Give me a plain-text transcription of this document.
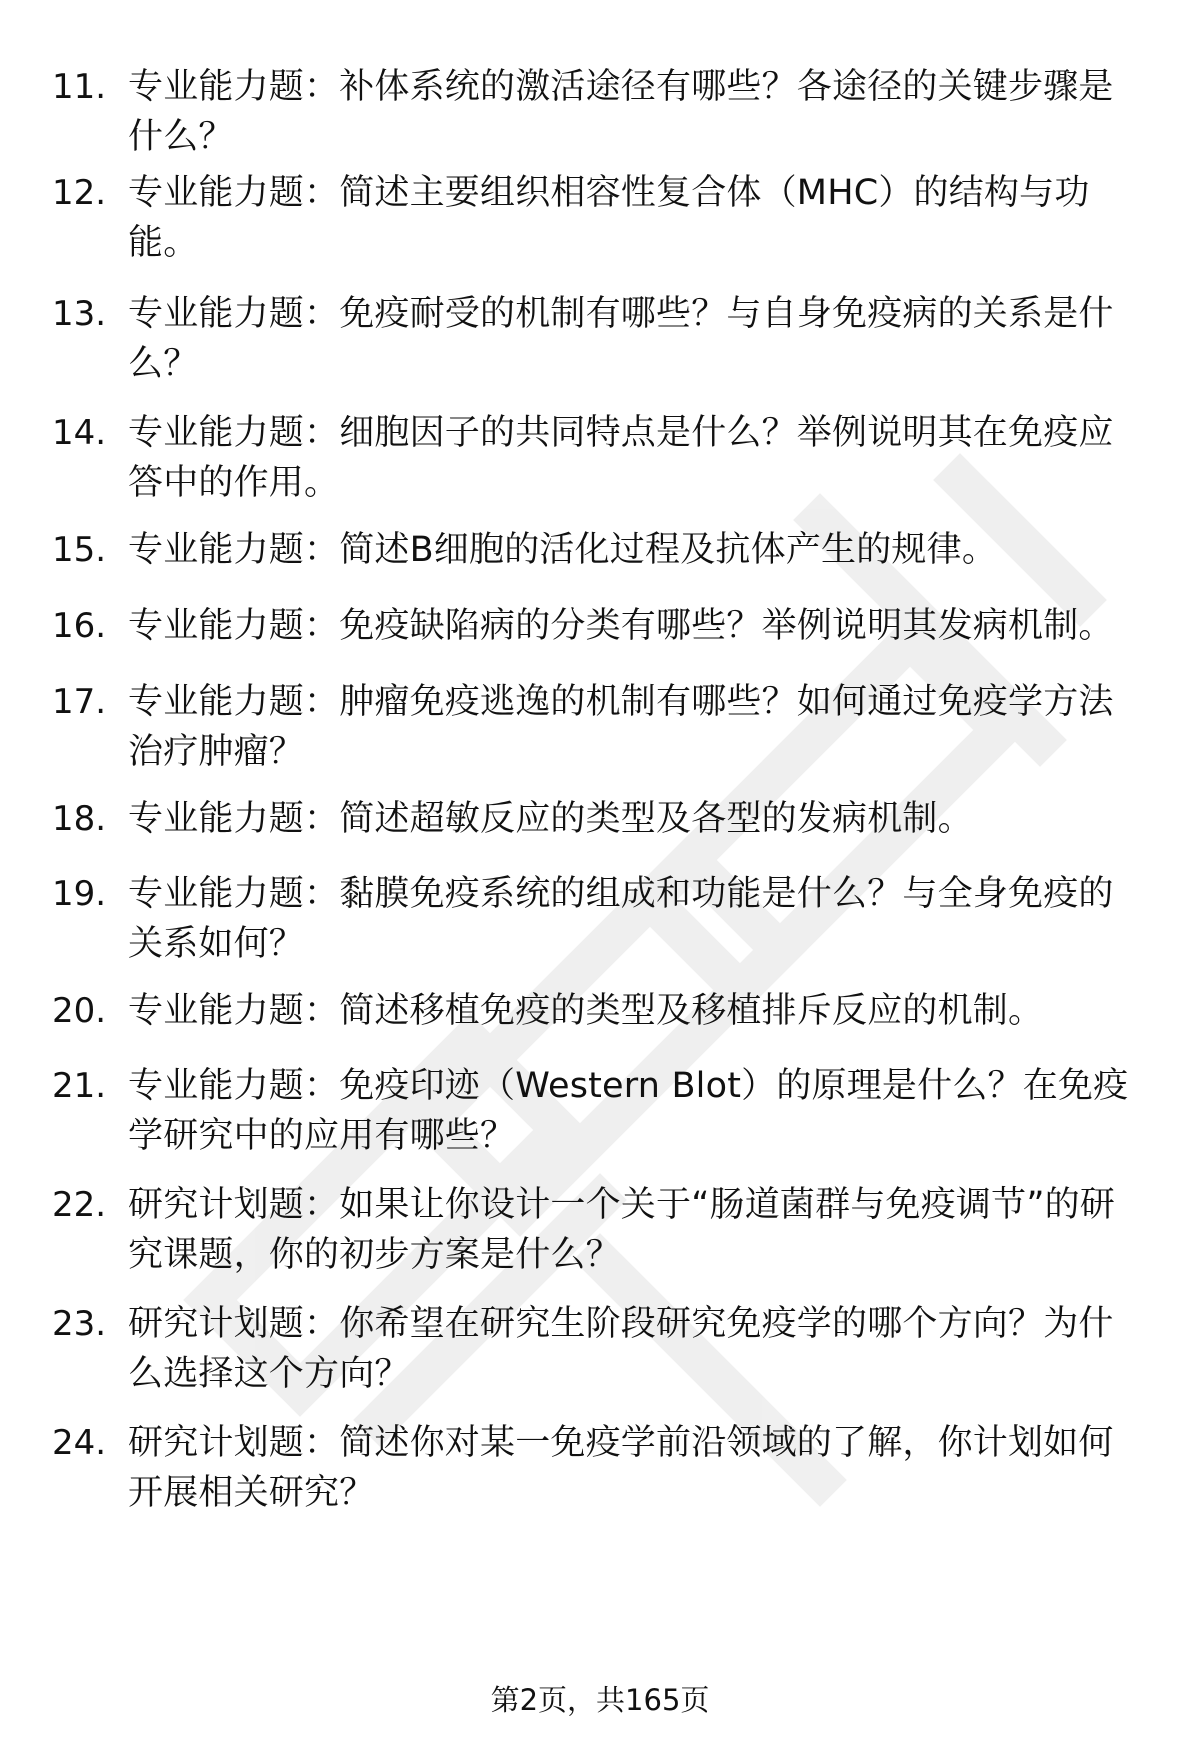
11. 专业能力题：补体系统的激活途径有哪些？各途径的关键步骤是什么？
12. 专业能力题：简述主要组织相容性复合体（MHC）的结构与功能。
13. 专业能力题：免疫耐受的机制有哪些？与自身免疫病的关系是什么？
14. 专业能力题：细胞因子的共同特点是什么？举例说明其在免疫应答中的作用。
15. 专业能力题：简述B细胞的活化过程及抗体产生的规律。
16. 专业能力题：免疫缺陷病的分类有哪些？举例说明其发病机制。
17. 专业能力题：肿瘤免疫逃逸的机制有哪些？如何通过免疫学方法治疗肿瘤？
18. 专业能力题：简述超敏反应的类型及各型的发病机制。
19. 专业能力题：黏膜免疫系统的组成和功能是什么？与全身免疫的关系如何？
20. 专业能力题：简述移植免疫的类型及移植排斥反应的机制。
21. 专业能力题：免疫印迹（Western Blot）的原理是什么？在免疫学研究中的应用有哪些？
22. 研究计划题：如果让你设计一个关于“肠道菌群与免疫调节”的研究课题，你的初步方案是什么？
23. 研究计划题：你希望在研究生阶段研究免疫学的哪个方向？为什么选择这个方向？
24. 研究计划题：简述你对某一免疫学前沿领域的了解，你计划如何开展相关研究？
第2页，共165页
